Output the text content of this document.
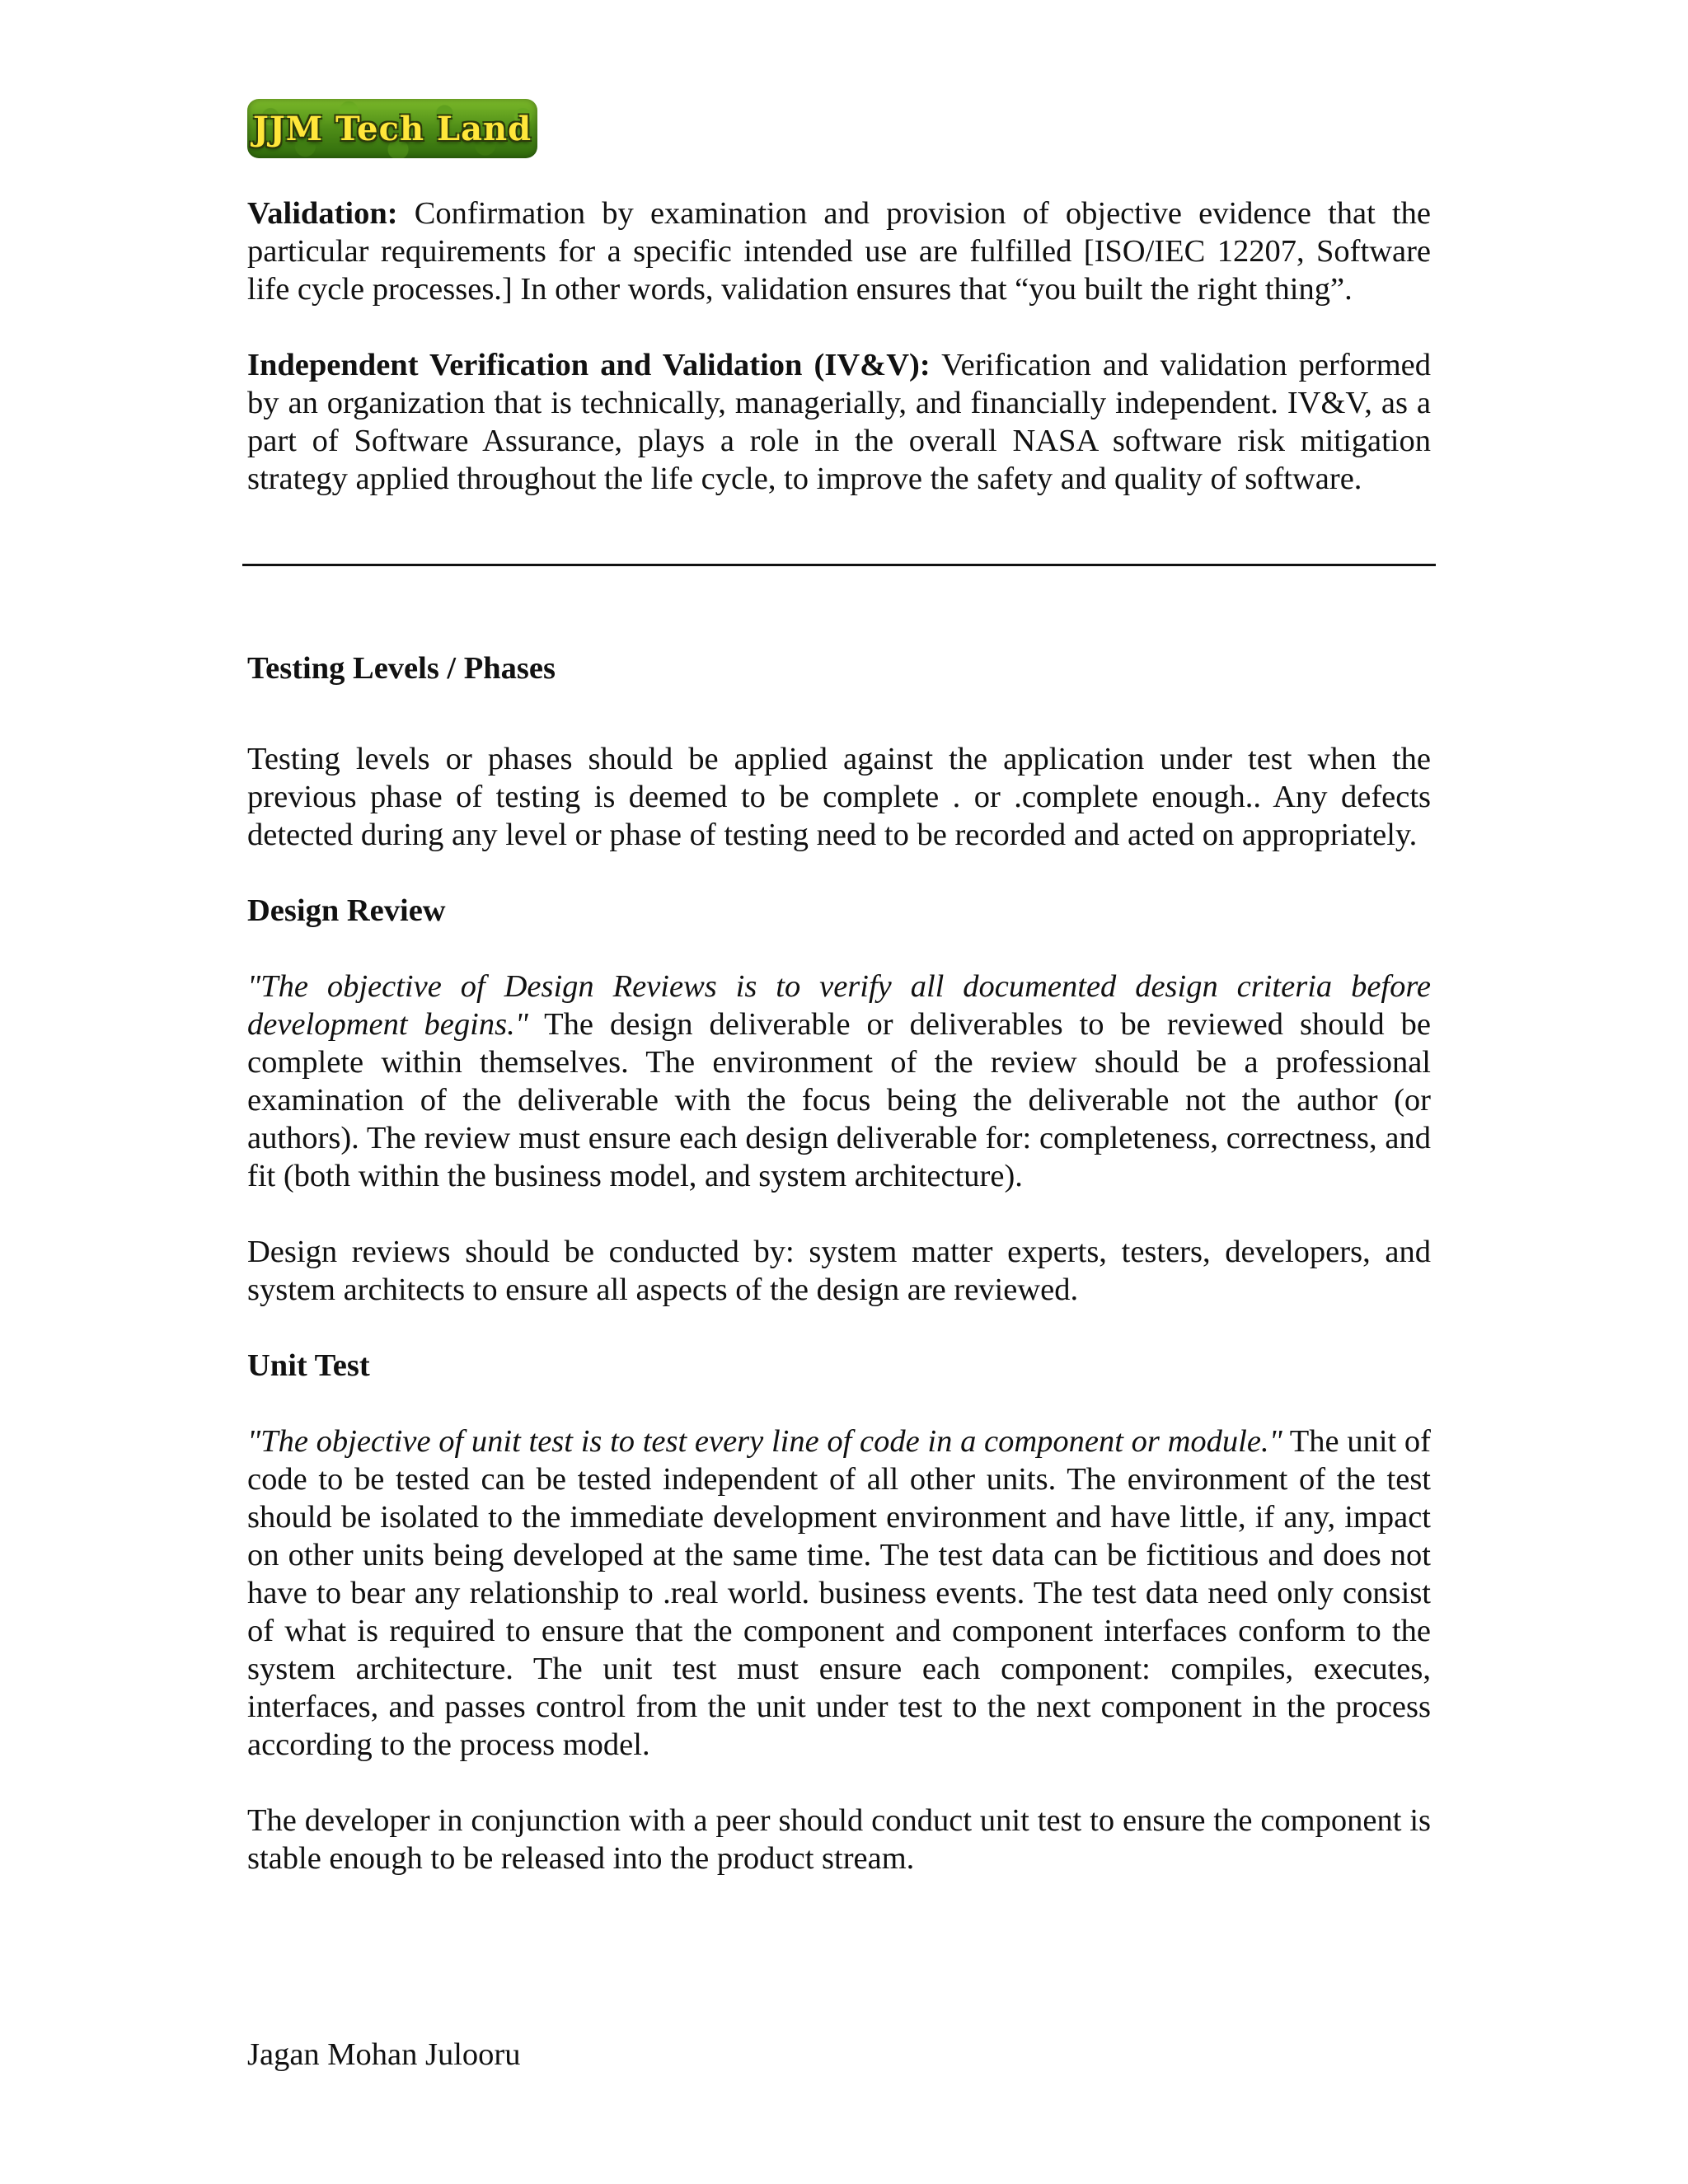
JJM Tech Land

Validation: Confirmation by examination and provision of objective evidence that the particular requirements for a specific intended use are fulfilled [ISO/IEC 12207, Software life cycle processes.] In other words, validation ensures that “you built the right thing”.

Independent Verification and Validation (IV&V): Verification and validation performed by an organization that is technically, managerially, and financially independent. IV&V, as a part of Software Assurance, plays a role in the overall NASA software risk mitigation strategy applied throughout the life cycle, to improve the safety and quality of software.

Testing Levels / Phases

Testing levels or phases should be applied against the application under test when the previous phase of testing is deemed to be complete . or .complete enough.. Any defects detected during any level or phase of testing need to be recorded and acted on appropriately.

Design Review

"The objective of Design Reviews is to verify all documented design criteria before development begins." The design deliverable or deliverables to be reviewed should be complete within themselves. The environment of the review should be a professional examination of the deliverable with the focus being the deliverable not the author (or authors). The review must ensure each design deliverable for: completeness, correctness, and fit (both within the business model, and system architecture).

Design reviews should be conducted by: system matter experts, testers, developers, and system architects to ensure all aspects of the design are reviewed.

Unit Test

"The objective of unit test is to test every line of code in a component or module." The unit of code to be tested can be tested independent of all other units. The environment of the test should be isolated to the immediate development environment and have little, if any, impact on other units being developed at the same time. The test data can be fictitious and does not have to bear any relationship to .real world. business events. The test data need only consist of what is required to ensure that the component and component interfaces conform to the system architecture. The unit test must ensure each component: compiles, executes, interfaces, and passes control from the unit under test to the next component in the process according to the process model.

The developer in conjunction with a peer should conduct unit test to ensure the component is stable enough to be released into the product stream.

Jagan Mohan Julooru
